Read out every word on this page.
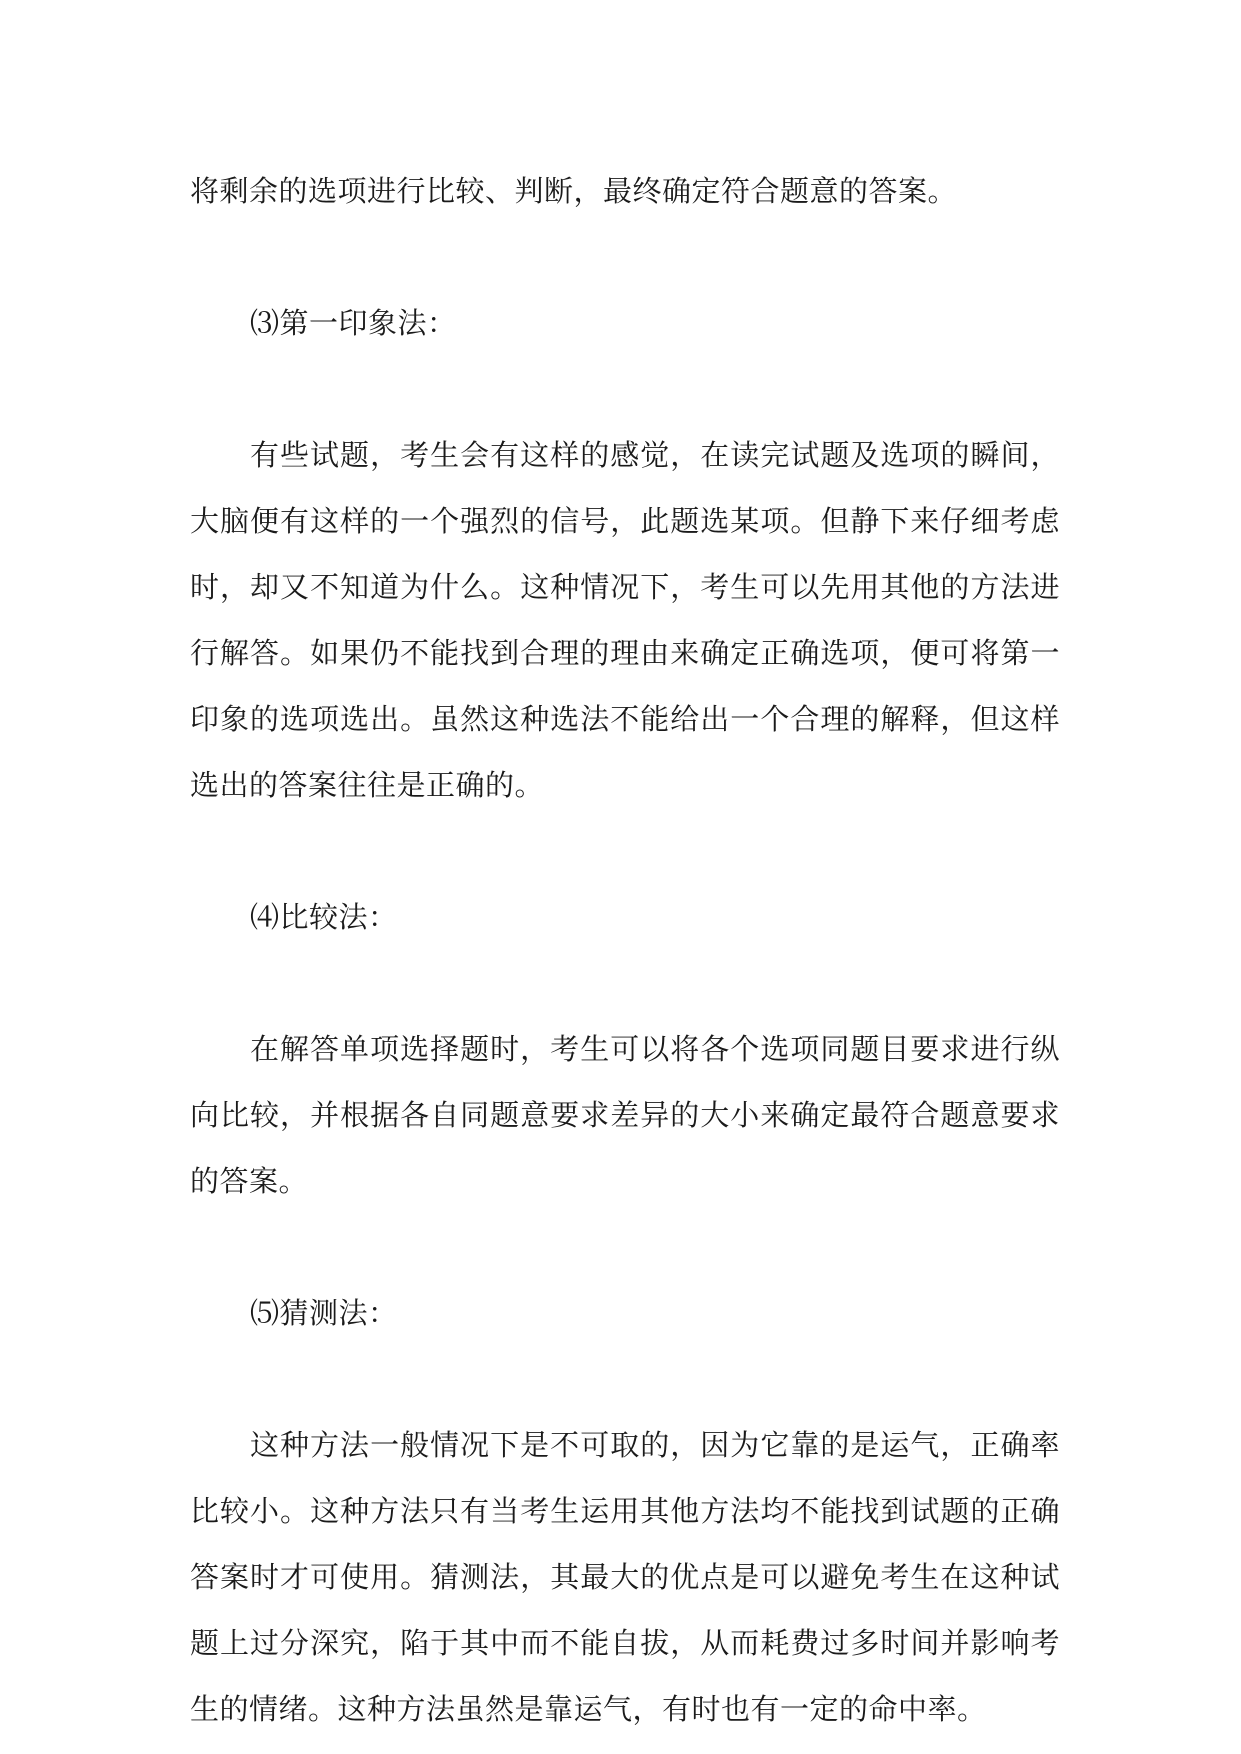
将剩余的选项进行比较、判断，最终确定符合题意的答案。

⑶第一印象法：

有些试题，考生会有这样的感觉，在读完试题及选项的瞬间，大脑便有这样的一个强烈的信号，此题选某项。但静下来仔细考虑时，却又不知道为什么。这种情况下，考生可以先用其他的方法进行解答。如果仍不能找到合理的理由来确定正确选项，便可将第一印象的选项选出。虽然这种选法不能给出一个合理的解释，但这样选出的答案往往是正确的。

⑷比较法：

在解答单项选择题时，考生可以将各个选项同题目要求进行纵向比较，并根据各自同题意要求差异的大小来确定最符合题意要求的答案。

⑸猜测法：

这种方法一般情况下是不可取的，因为它靠的是运气，正确率比较小。这种方法只有当考生运用其他方法均不能找到试题的正确答案时才可使用。猜测法，其最大的优点是可以避免考生在这种试题上过分深究，陷于其中而不能自拔，从而耗费过多时间并影响考生的情绪。这种方法虽然是靠运气，有时也有一定的命中率。
